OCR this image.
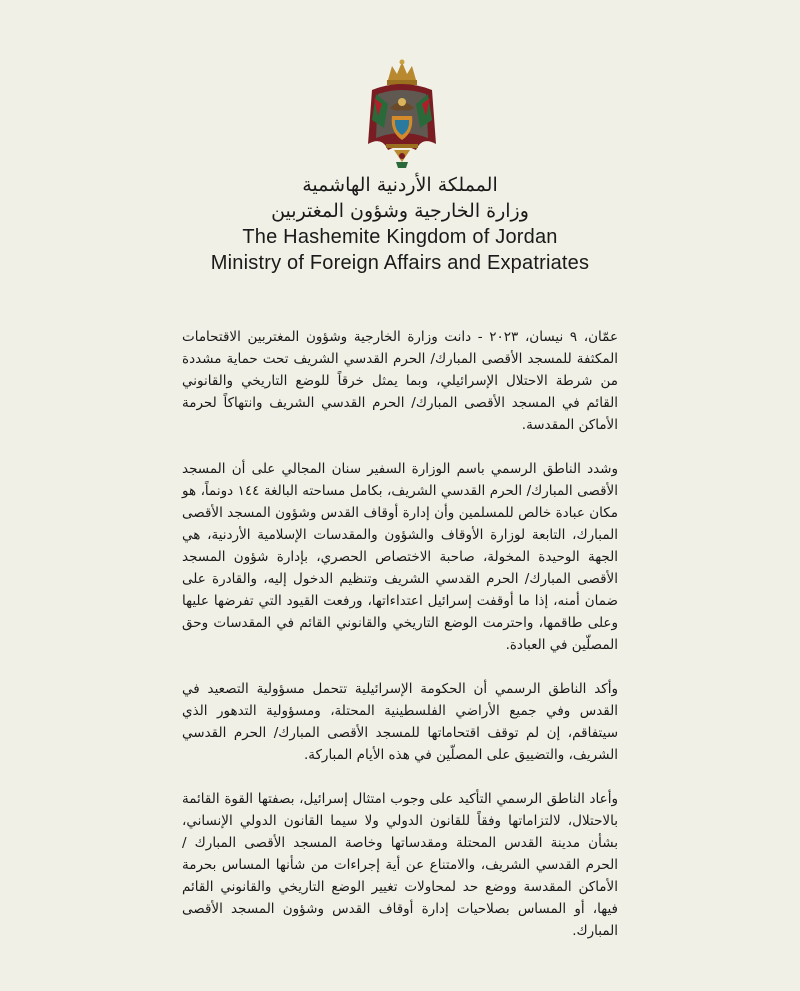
المملكة الأردنية الهاشمية
وزارة الخارجية وشؤون المغتربين
The Hashemite Kingdom of Jordan
Ministry of Foreign Affairs and Expatriates

عمّان، ٩ نيسان، ٢٠٢٣ - دانت وزارة الخارجية وشؤون المغتربين الاقتحامات المكثفة للمسجد الأقصى المبارك/ الحرم القدسي الشريف تحت حماية مشددة من شرطة الاحتلال الإسرائيلي، وبما يمثل خرقاً للوضع التاريخي والقانوني القائم في المسجد الأقصى المبارك/ الحرم القدسي الشريف وانتهاكاً لحرمة الأماكن المقدسة.

وشدد الناطق الرسمي باسم الوزارة السفير سنان المجالي على أن المسجد الأقصى المبارك/ الحرم القدسي الشريف، بكامل مساحته البالغة ١٤٤ دونماً، هو مكان عبادة خالص للمسلمين وأن إدارة أوقاف القدس وشؤون المسجد الأقصى المبارك، التابعة لوزارة الأوقاف والشؤون والمقدسات الإسلامية الأردنية، هي الجهة الوحيدة المخولة، صاحبة الاختصاص الحصري، بإدارة شؤون المسجد الأقصى المبارك/ الحرم القدسي الشريف وتنظيم الدخول إليه، والقادرة على ضمان أمنه، إذا ما أوقفت إسرائيل اعتداءاتها، ورفعت القيود التي تفرضها عليها وعلى طاقمها، واحترمت الوضع التاريخي والقانوني القائم في المقدسات وحق المصلّين في العبادة.

وأكد الناطق الرسمي أن الحكومة الإسرائيلية تتحمل مسؤولية التصعيد في القدس وفي جميع الأراضي الفلسطينية المحتلة، ومسؤولية التدهور الذي سيتفاقم، إن لم توقف اقتحاماتها للمسجد الأقصى المبارك/ الحرم القدسي الشريف، والتضييق على المصلّين في هذه الأيام المباركة.

وأعاد الناطق الرسمي التأكيد على وجوب امتثال إسرائيل، بصفتها القوة القائمة بالاحتلال، لالتزاماتها وفقاً للقانون الدولي ولا سيما القانون الدولي الإنساني، بشأن مدينة القدس المحتلة ومقدساتها وخاصة المسجد الأقصى المبارك / الحرم القدسي الشريف، والامتناع عن أية إجراءات من شأنها المساس بحرمة الأماكن المقدسة ووضع حد لمحاولات تغيير الوضع التاريخي والقانوني القائم فيها، أو المساس بصلاحيات إدارة أوقاف القدس وشؤون المسجد الأقصى المبارك.
